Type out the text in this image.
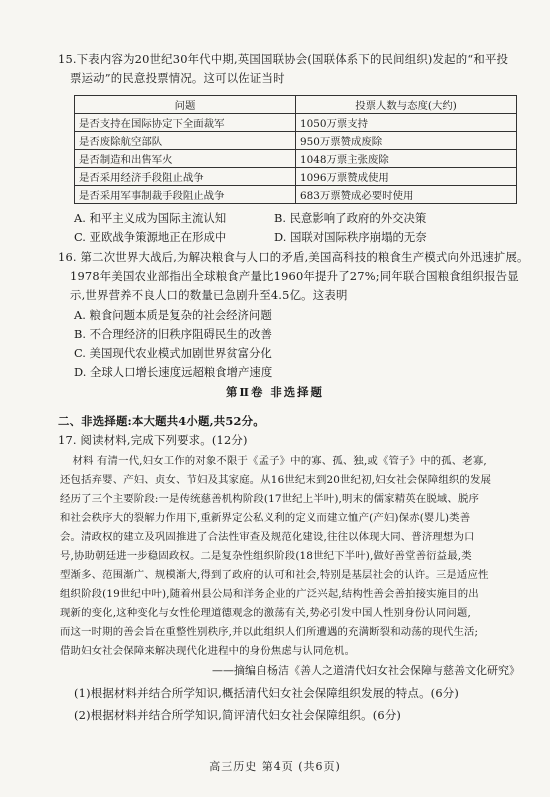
15.下表内容为20世纪30年代中期,英国国联协会(国联体系下的民间组织)发起的“和平投

票运动”的民意投票情况。这可以佐证当时

问题	投票人数与态度(大约)
是否支持在国际协定下全面裁军	1050万票支持
是否废除航空部队	950万票赞成废除
是否制造和出售军火	1048万票主张废除
是否采用经济手段阻止战争	1096万票赞成使用
是否采用军事制裁手段阻止战争	683万票赞成必要时使用
A. 和平主义成为国际主流认知	B. 民意影响了政府的外交决策
C. 亚欧战争策源地正在形成中	D. 国联对国际秩序崩塌的无奈

16. 第二次世界大战后,为解决粮食与人口的矛盾,美国高科技的粮食生产模式向外迅速扩展。

1978年美国农业部指出全球粮食产量比1960年提升了27%;同年联合国粮食组织报告显

示,世界营养不良人口的数量已急剧升至4.5亿。这表明

A. 粮食问题本质是复杂的社会经济问题

B. 不合理经济的旧秩序阻碍民生的改善

C. 美国现代农业模式加剧世界贫富分化

D. 全球人口增长速度远超粮食增产速度

第Ⅱ卷 非选择题

二、非选择题:本大题共4小题,共52分。

17. 阅读材料,完成下列要求。(12分)

材料 有清一代,妇女工作的对象不限于《孟子》中的寡、孤、独,或《管子》中的孤、老寡,

还包括弃婴、产妇、贞女、节妇及其家庭。从16世纪末到20世纪初,妇女社会保障组织的发展

经历了三个主要阶段:一是传统慈善机构阶段(17世纪上半叶),明末的儒家精英在脱域、脱序

和社会秩序大的裂解力作用下,重新界定公私义利的定义而建立恤产(产妇)保赤(婴儿)类善

会。清政权的建立及巩固推进了合法性审查及规范化建设,往往以体现大同、普济理想为口

号,协助朝廷进一步稳固政权。二是复杂性组织阶段(18世纪下半叶),做好善堂善衍益最,类

型渐多、范围渐广、规模渐大,得到了政府的认可和社会,特别是基层社会的认许。三是适应性

组织阶段(19世纪中叶),随着州县公局和洋务企业的广泛兴起,结构性善会善拍接实施目的出

现新的变化,这种变化与女性伦理道德观念的激荡有关,势必引发中国人性别身份认同问题,

而这一时期的善会旨在重整性别秩序,并以此组织人们所遭遇的充满断裂和动荡的现代生活;

借助妇女社会保障来解决现代化进程中的身份焦虑与认同危机。

——摘编自杨洁《善人之道清代妇女社会保障与慈善文化研究》

(1)根据材料并结合所学知识,概括清代妇女社会保障组织发展的特点。(6分)

(2)根据材料并结合所学知识,简评清代妇女社会保障组织。(6分)

高三历史 第4页 (共6页)
